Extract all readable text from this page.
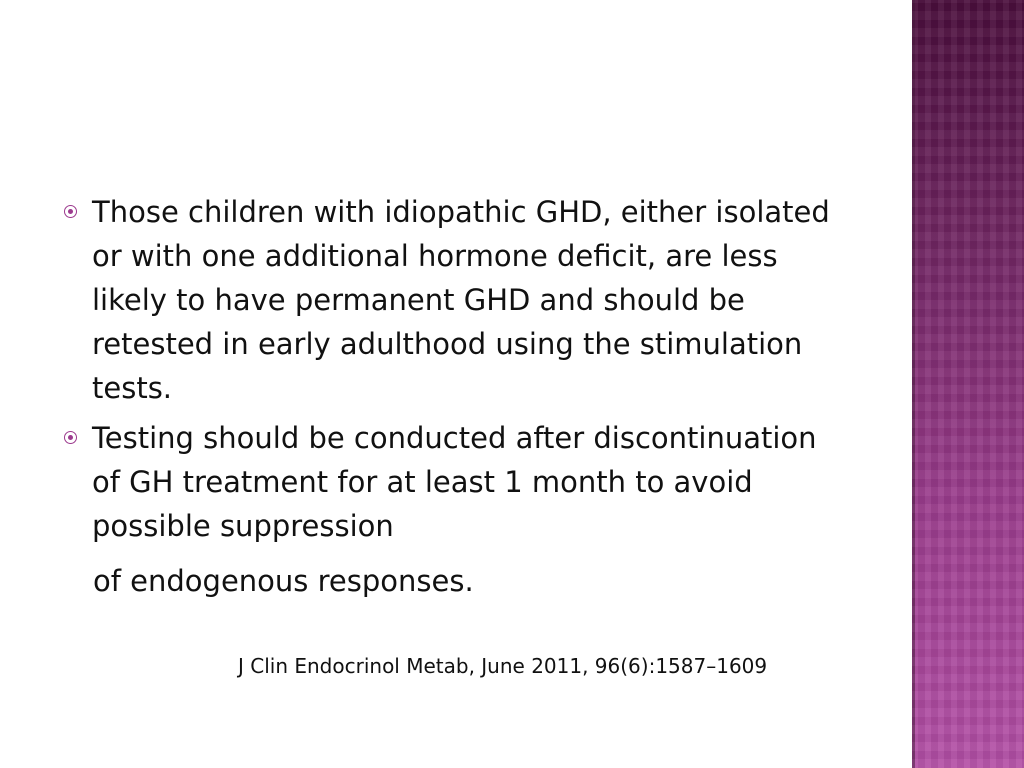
Those children with idiopathic GHD, either isolated or with one additional hormone deficit, are less likely to have permanent GHD and should be retested in early adulthood using the stimulation tests.
Testing should be conducted after discontinuation of GH treatment for at least 1 month to avoid possible suppression

of endogenous responses.

J Clin Endocrinol Metab, June 2011, 96(6):1587–1609
